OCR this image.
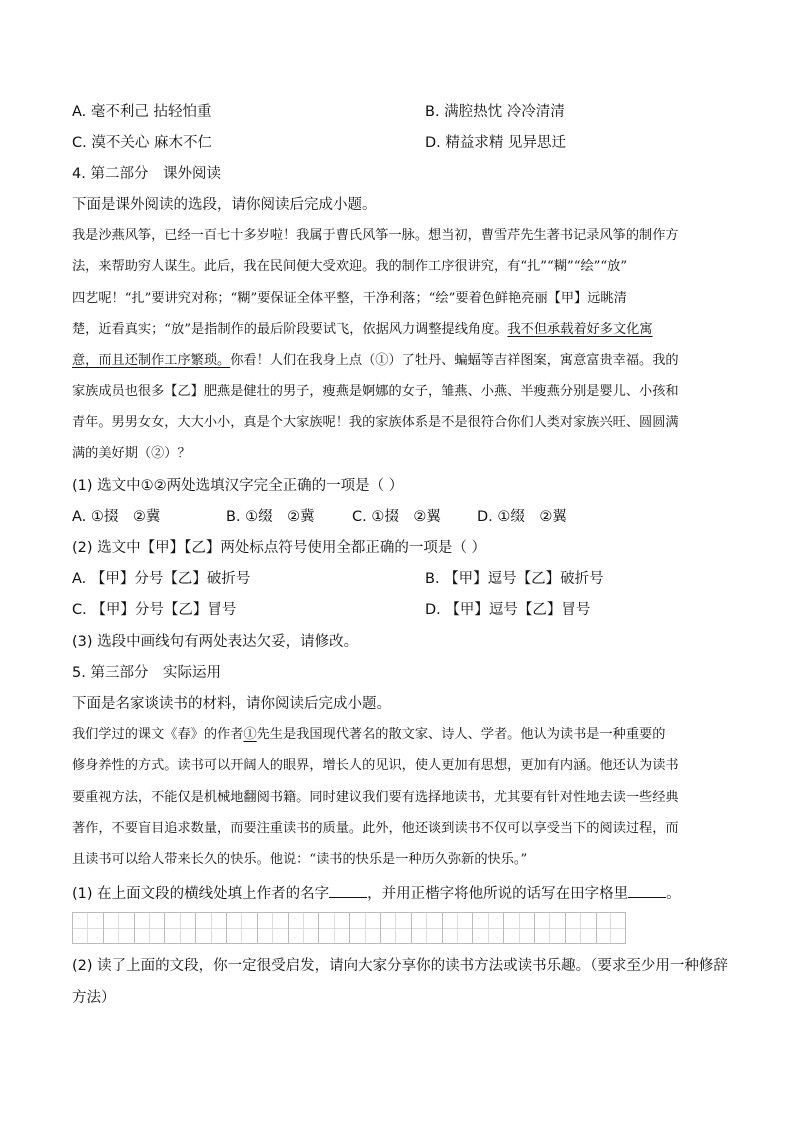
A. 毫不利己 拈轻怕重	B. 满腔热忱 冷冷清清
C. 漠不关心 麻木不仁	D. 精益求精 见异思迁
4. 第二部分　课外阅读
下面是课外阅读的选段，请你阅读后完成小题。
我是沙燕风筝，已经一百七十多岁啦！我属于曹氏风筝一脉。想当初，曹雪芹先生著书记录风筝的制作方
法，来帮助穷人谋生。此后，我在民间便大受欢迎。我的制作工序很讲究，有“扎”“糊”“绘”“放”
四艺呢！“扎”要讲究对称；“糊”要保证全体平整，干净利落；“绘”要着色鲜艳亮丽【甲】远眺清
楚，近看真实；“放”是指制作的最后阶段要试飞，依据风力调整提线角度。我不但承载着好多文化寓
意，而且还制作工序繁琐。你看！人们在我身上点（①）了牡丹、蝙蝠等吉祥图案，寓意富贵幸福。我的
家族成员也很多【乙】肥燕是健壮的男子，瘦燕是婀娜的女子，雏燕、小燕、半瘦燕分别是婴儿、小孩和
青年。男男女女，大大小小，真是个大家族呢！我的家族体系是不是很符合你们人类对家族兴旺、圆圆满
满的美好期（②）？
(1) 选文中①②两处选填汉字完全正确的一项是（ ）
A. ①掇　②冀	B. ①缀　②冀	C. ①掇　②翼 D. ①缀　②翼
(2) 选文中【甲】【乙】两处标点符号使用全都正确的一项是（ ）
A. 【甲】分号【乙】破折号	B. 【甲】逗号【乙】破折号
C. 【甲】分号【乙】冒号	D. 【甲】逗号【乙】冒号
(3) 选段中画线句有两处表达欠妥，请修改。
5. 第三部分　实际运用
下面是名家谈读书的材料，请你阅读后完成小题。
我们学过的课文《春》的作者①先生是我国现代著名的散文家、诗人、学者。他认为读书是一种重要的
修身养性的方式。读书可以开阔人的眼界，增长人的见识，使人更加有思想，更加有内涵。他还认为读书
要重视方法，不能仅是机械地翻阅书籍。同时建议我们要有选择地读书，尤其要有针对性地去读一些经典
著作，不要盲目追求数量，而要注重读书的质量。此外，他还谈到读书不仅可以享受当下的阅读过程，而
且读书可以给人带来长久的快乐。他说：“读书的快乐是一种历久弥新的快乐。”
(1) 在上面文段的横线处填上作者的名字	，并用正楷字将他所说的话写在田字格里	。
(2) 读了上面的文段，你一定很受启发，请向大家分享你的读书方法或读书乐趣。（要求至少用一种修辞
方法）
